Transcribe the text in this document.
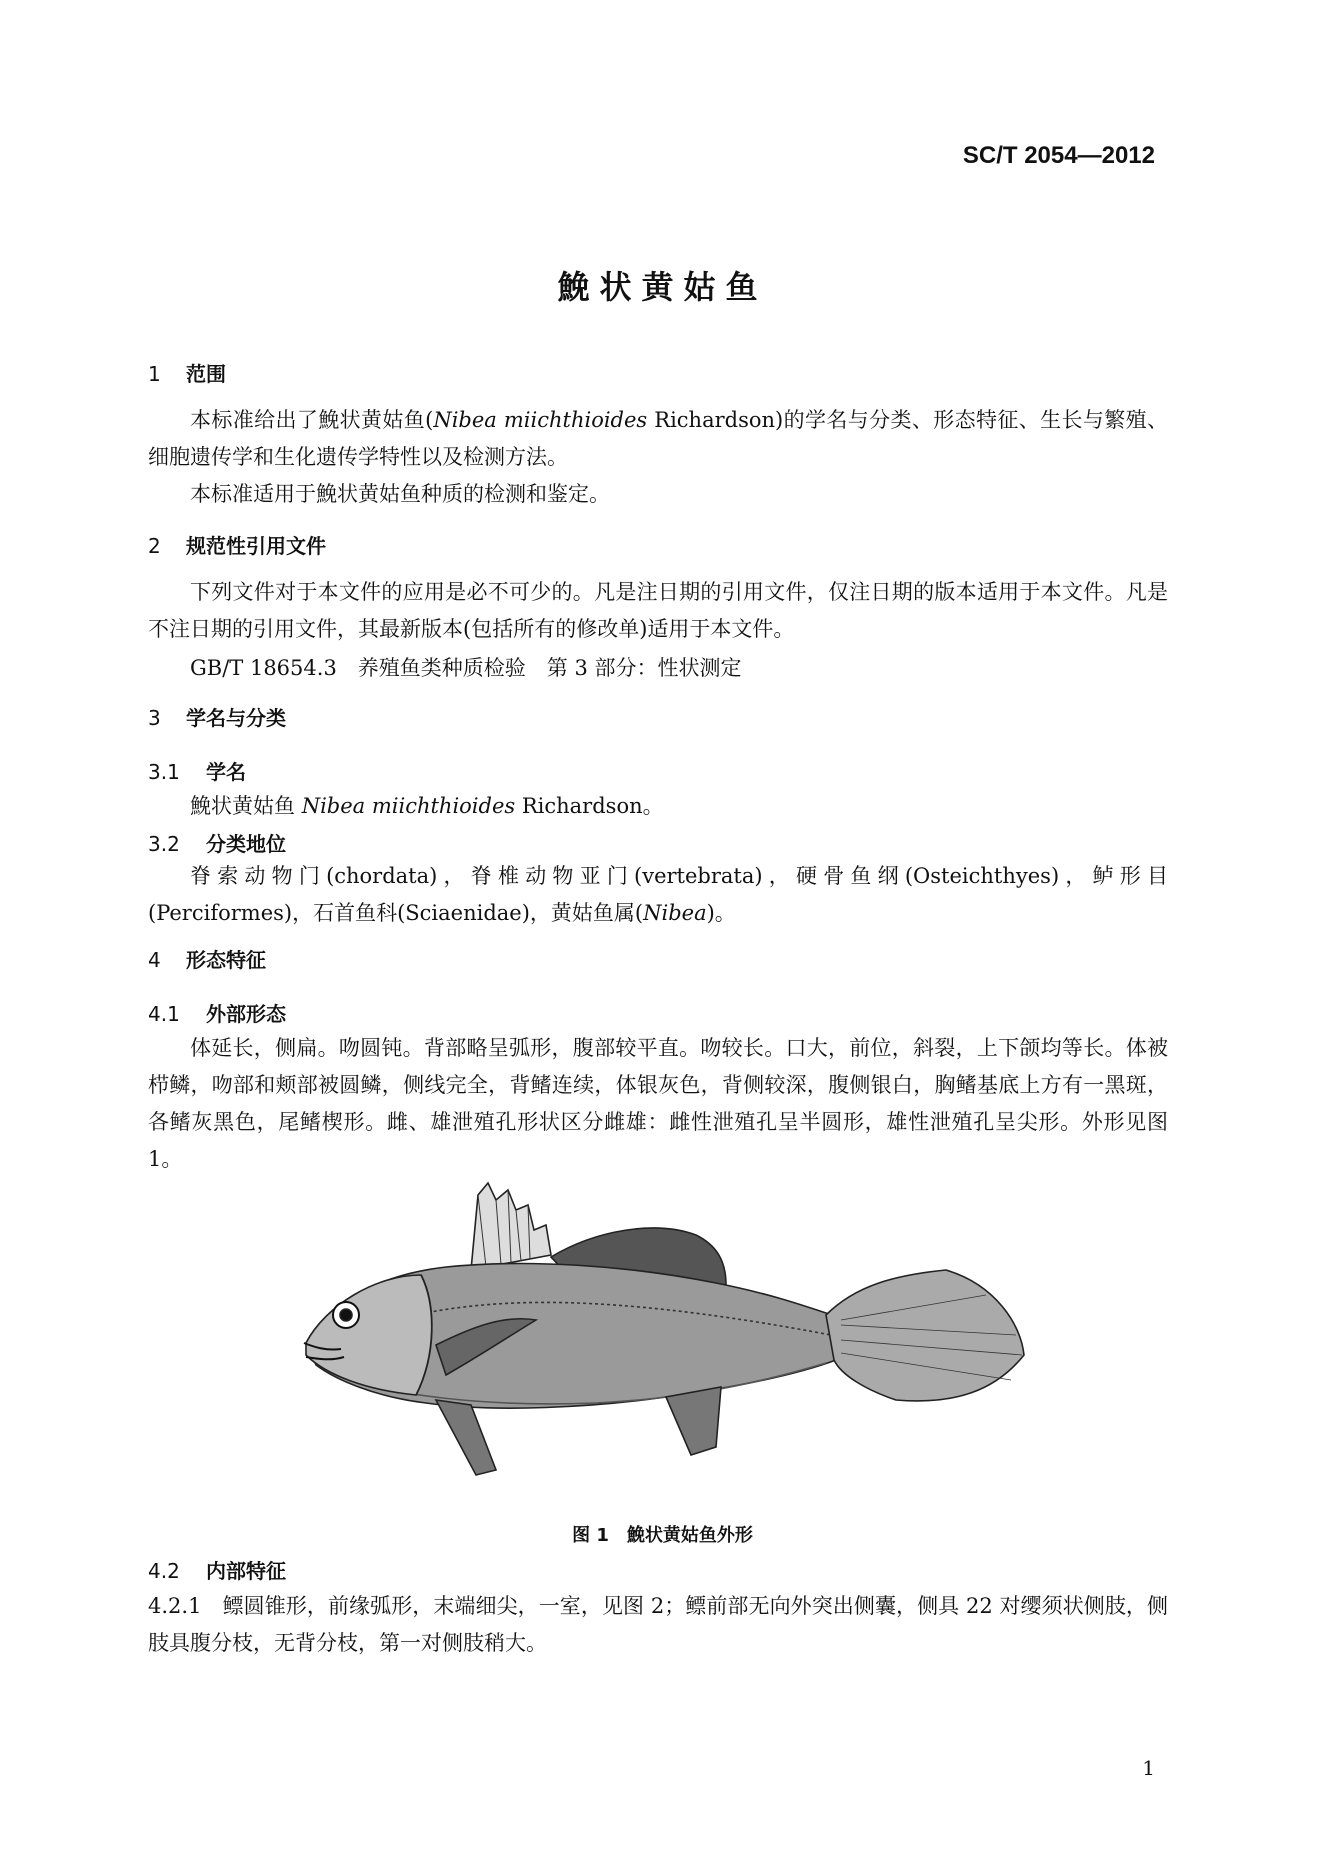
SC/T 2054—2012
鮸状黄姑鱼
1 范围
本标准给出了鮸状黄姑鱼(Nibea miichthioides Richardson)的学名与分类、形态特征、生长与繁殖、细胞遗传学和生化遗传学特性以及检测方法。
本标准适用于鮸状黄姑鱼种质的检测和鉴定。
2 规范性引用文件
下列文件对于本文件的应用是必不可少的。凡是注日期的引用文件，仅注日期的版本适用于本文件。凡是不注日期的引用文件，其最新版本(包括所有的修改单)适用于本文件。
GB/T 18654.3　养殖鱼类种质检验　第 3 部分：性状测定
3 学名与分类
3.1 学名
鮸状黄姑鱼 Nibea miichthioides Richardson。
3.2 分类地位
脊索动物门(chordata)，脊椎动物亚门(vertebrata)，硬骨鱼纲(Osteichthyes)，鲈形目(Perciformes)，石首鱼科(Sciaenidae)，黄姑鱼属(Nibea)。
4 形态特征
4.1 外部形态
体延长，侧扁。吻圆钝。背部略呈弧形，腹部较平直。吻较长。口大，前位，斜裂，上下颌均等长。体被栉鳞，吻部和颊部被圆鳞，侧线完全，背鳍连续，体银灰色，背侧较深，腹侧银白，胸鳍基底上方有一黑斑，各鳍灰黑色，尾鳍楔形。雌、雄泄殖孔形状区分雌雄：雌性泄殖孔呈半圆形，雄性泄殖孔呈尖形。外形见图 1。
图 1　鮸状黄姑鱼外形
4.2 内部特征
4.2.1　 鳔圆锥形，前缘弧形，末端细尖，一室，见图 2；鳔前部无向外突出侧囊，侧具 22 对缨须状侧肢，侧肢具腹分枝，无背分枝，第一对侧肢稍大。
1
